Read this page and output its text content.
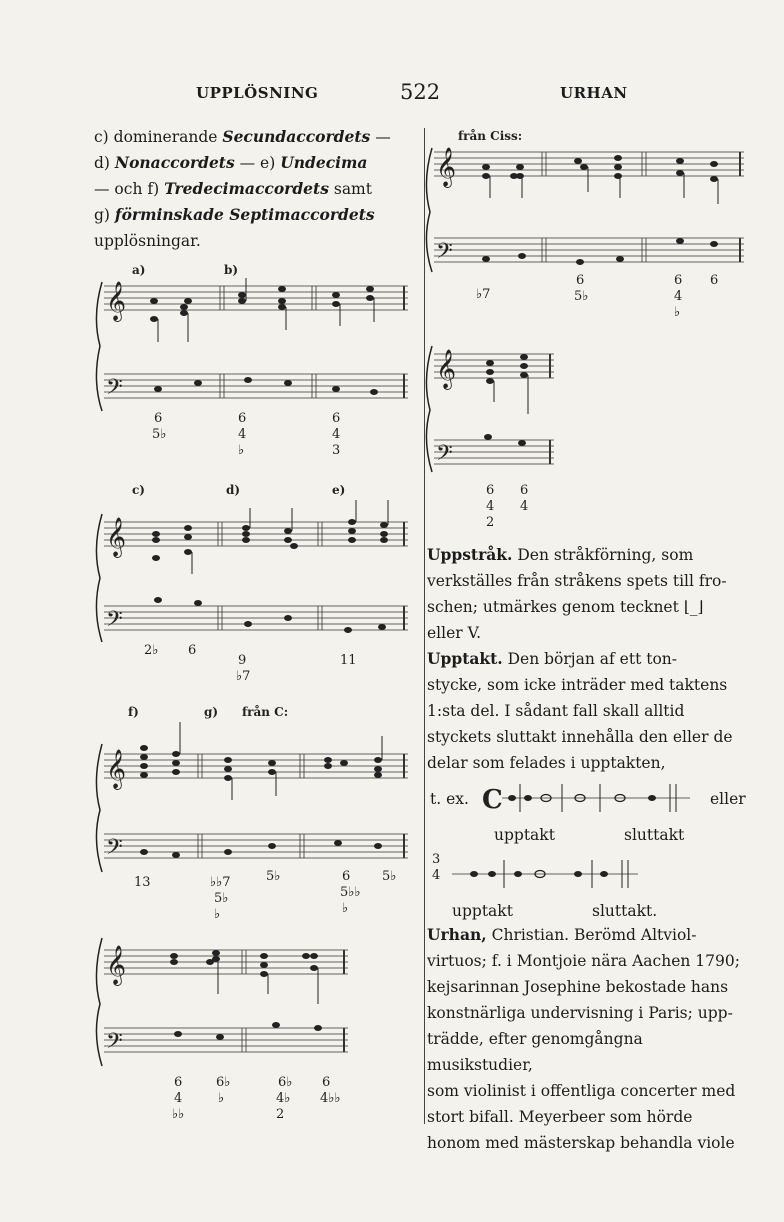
UPPLÖSNING	522	URHAN

c) dominerande Secundaccordets —

d) Nonaccordets — e) Undecima

— och f) Tredecimaccordets samt

g) förminskade Septimaccordets

upplösningar.

a)	b)
𝄞
𝄢
6
5♭
6
4
♭
6
4
3
c)	d)	e)
𝄞
𝄢
2♭ 6
9
♭7
11
f)	g) från C:
𝄞
𝄢
13	♭♭7
5♭
♭
5♭	6
5♭♭
♭
5♭
𝄞
𝄢
6
4
♭♭
6♭
♭
6♭
4♭
2
6
4♭♭
från Ciss:
𝄞
𝄢
♭7
6
5♭
6
4
♭
6
𝄞
𝄢
6
4
2
6
4

Uppstråk. Den stråkförning, som
verkställes från stråkens spets till fro-
schen; utmärkes genom tecknet ⌊_⌋
eller V.

Upptakt. Den början af ett ton-
stycke, som icke inträder med taktens
1:sta del. I sådant fall skall alltid
styckets sluttakt innehålla den eller de
delar som felades i upptakten,

t. ex. C	eller
upptakt	sluttakt
3
4
upptakt	sluttakt.

Urhan, Christian. Berömd Altviol-
virtuos; f. i Montjoie nära Aachen 1790;
kejsarinnan Josephine bekostade hans
konstnärliga undervisning i Paris; upp-
trädde, efter genomgångna musikstudier,
som violinist i offentliga concerter med
stort bifall. Meyerbeer som hörde
honom med mästerskap behandla viole
